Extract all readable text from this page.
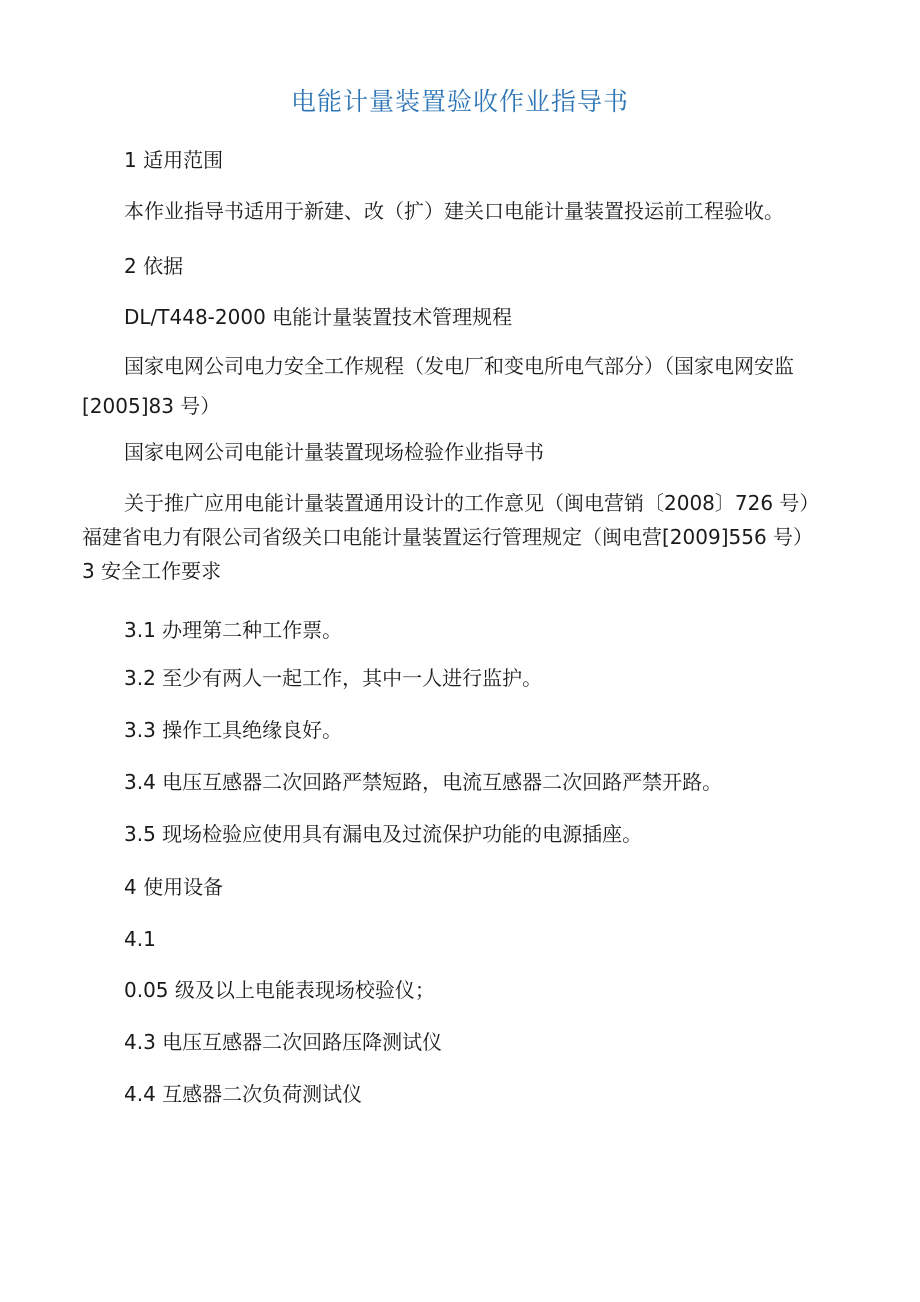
电能计量装置验收作业指导书

1 适用范围

本作业指导书适用于新建、改（扩）建关口电能计量装置投运前工程验收。

2 依据

DL/T448-2000 电能计量装置技术管理规程

国家电网公司电力安全工作规程（发电厂和变电所电气部分）（国家电网安监[2005]83 号）

国家电网公司电能计量装置现场检验作业指导书

关于推广应用电能计量装置通用设计的工作意见（闽电营销〔2008〕726 号）

福建省电力有限公司省级关口电能计量装置运行管理规定（闽电营[2009]556 号）

3 安全工作要求

3.1 办理第二种工作票。

3.2 至少有两人一起工作，其中一人进行监护。

3.3 操作工具绝缘良好。

3.4 电压互感器二次回路严禁短路，电流互感器二次回路严禁开路。

3.5 现场检验应使用具有漏电及过流保护功能的电源插座。

4 使用设备

4.1

0.05 级及以上电能表现场校验仪；

4.3 电压互感器二次回路压降测试仪

4.4 互感器二次负荷测试仪
